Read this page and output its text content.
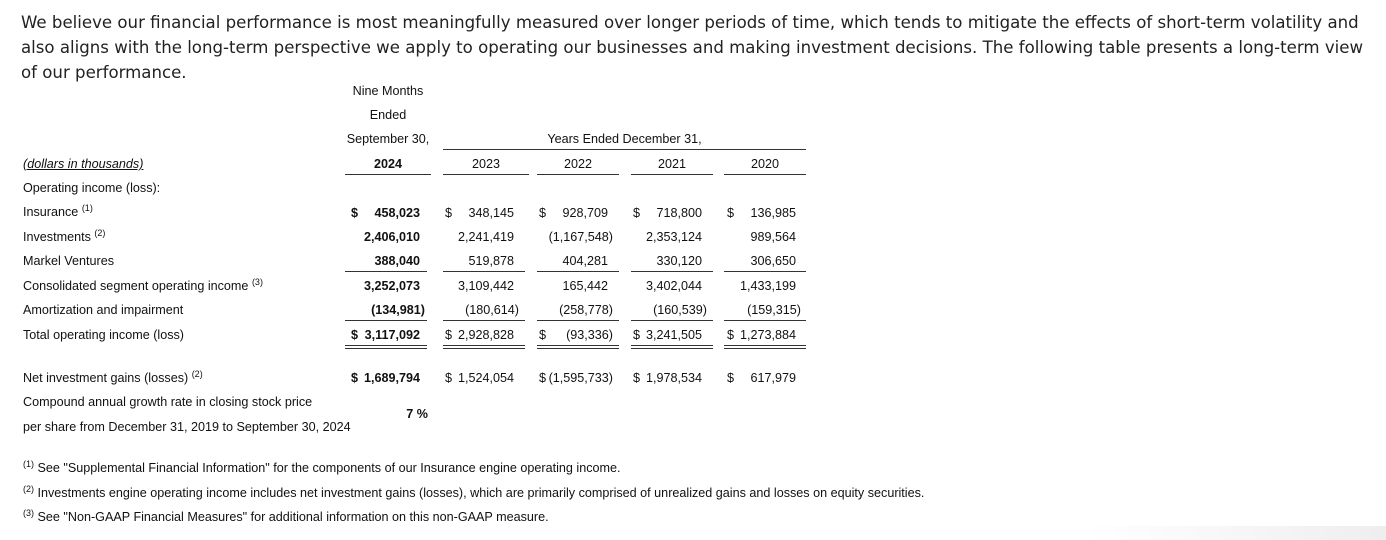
We believe our financial performance is most meaningfully measured over longer periods of time, which tends to mitigate the effects of short-term volatility and also aligns with the long-term perspective we apply to operating our businesses and making investment decisions. The following table presents a long-term view of our performance.
Nine Months
Ended
September 30,	Years Ended December 31,
(dollars in thousands)	2024	2023	2022	2021	2020
Operating income (loss):
Insurance $^{(1)}$	$	458,023 $	348,145 $	928,709 $	718,800 $	136,985
Investments $^{(2)}$	2,406,010	2,241,419	(1,167,548)	2,353,124	989,564
Markel Ventures	388,040	519,878	404,281	330,120	306,650
Consolidated segment operating income $^{(3)}$	3,252,073	3,109,442	165,442	3,402,044	1,433,199
Amortization and impairment	(134,981)	(180,614)	(258,778)	(160,539)	(159,315)
Total operating income (loss)	$ 3,117,092 $ 2,928,828 $	(93,336) $ 3,241,505 $ 1,273,884
Net investment gains (losses) $^{(2)}$	$ 1,689,794 $ 1,524,054 $ (1,595,733) $ 1,978,534 $	617,979
Compound annual growth rate in closing stock price
per share from December 31, 2019 to September 30, 2024
7 %
$^{(1)}$ See "Supplemental Financial Information" for the components of our Insurance engine operating income.
$^{(2)}$ Investments engine operating income includes net investment gains (losses), which are primarily comprised of unrealized gains and losses on equity securities.
$^{(3)}$ See "Non-GAAP Financial Measures" for additional information on this non-GAAP measure.
